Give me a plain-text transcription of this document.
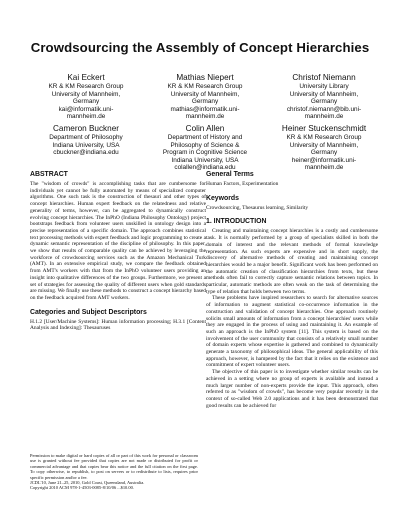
Crowdsourcing the Assembly of Concept Hierarchies
Kai Eckert
KR & KM Research Group
University of Mannheim,
Germany
kai@informatik.uni-
mannheim.de
Mathias Niepert
KR & KM Research Group
University of Mannheim,
Germany
mathias@informatik.uni-
mannheim.de
Christof Niemann
University Library
University of Mannheim,
Germany
christof.niemann@bib.uni-
mannheim.de
Cameron Buckner
Department of Philosophy
Indiana University, USA
cbuckner@indiana.edu
Colin Allen
Department of History and
Philosophy of Science &
Program in Cognitive Science
Indiana University, USA
colallen@indiana.edu
Heiner Stuckenschmidt
KR & KM Research Group
University of Mannheim,
Germany
heiner@informatik.uni-
mannheim.de
ABSTRACT

The "wisdom of crowds" is accomplishing tasks that are cumbersome for individuals yet cannot be fully automated by means of specialized computer algorithms. One such task is the construction of thesauri and other types of concept hierarchies. Human expert feedback on the relatedness and relative generality of terms, however, can be aggregated to dynamically construct evolving concept hierarchies. The InPhO (Indiana Philosophy Ontology) project bootstraps feedback from volunteer users unskilled in ontology design into a precise representation of a specific domain. The approach combines statistical text processing methods with expert feedback and logic programming to create a dynamic semantic representation of the discipline of philosophy. In this paper, we show that results of comparable quality can be achieved by leveraging the workforce of crowdsourcing services such as the Amazon Mechanical Turk (AMT). In an extensive empirical study, we compare the feedback obtained from AMT's workers with that from the InPhO volunteer users providing an insight into qualitative differences of the two groups. Furthermore, we present a set of strategies for assessing the quality of different users when gold standards are missing. We finally use these methods to construct a concept hierarchy based on the feedback acquired from AMT workers.

Categories and Subject Descriptors

H.1.2 [User/Machine Systems]: Human information processing; H.3.1 [Content Analysis and Indexing]: Thesauruses

Permission to make digital or hard copies of all or part of this work for personal or classroom use is granted without fee provided that copies are not made or distributed for profit or commercial advantage and that copies bear this notice and the full citation on the first page. To copy otherwise, to republish, to post on servers or to redistribute to lists, requires prior specific permission and/or a fee.
JCDL'10, June 21–25, 2010, Gold Coast, Queensland, Australia.
Copyright 2010 ACM 978-1-4503-0085-8/10/06 ...$10.00.
General Terms

Human Factors, Experimentation

Keywords

Crowdsourcing, Thesaurus learning, Similarity

1. INTRODUCTION

Creating and maintaining concept hierarchies is a costly and cumbersome task. It is normally performed by a group of specialists skilled in both the domain of interest and the relevant methods of formal knowledge representation. As such experts are expensive and in short supply, the discovery of alternative methods of creating and maintaining concept hierarchies would be a major benefit. Significant work has been performed on the automatic creation of classification hierarchies from texts, but these methods often fail to correctly capture semantic relations between topics. In particular, automatic methods are often weak on the task of determining the type of relation that holds between two terms.

These problems have inspired researchers to search for alternative sources of information to augment statistical co-occurrence information in the construction and validation of concept hierarchies. One approach routinely solicits small amounts of information from a concept hierarchies' users while they are engaged in the process of using and maintaining it. An example of such an approach is the InPhO system [11]. This system is based on the involvement of the user community that consists of a relatively small number of domain experts whose expertise is gathered and combined to dynamically generate a taxonomy of philosophical ideas. The general applicability of this approach, however, is hampered by the fact that it relies on the existence and commitment of expert volunteer users.

The objective of this paper is to investigate whether similar results can be achieved in a setting where no group of experts is available and instead a much larger number of non-experts provide the input. This approach, often referred to as "wisdom of crowds", has become very popular recently in the context of so-called Web 2.0 applications and it has been demonstrated that good results can be achieved for
